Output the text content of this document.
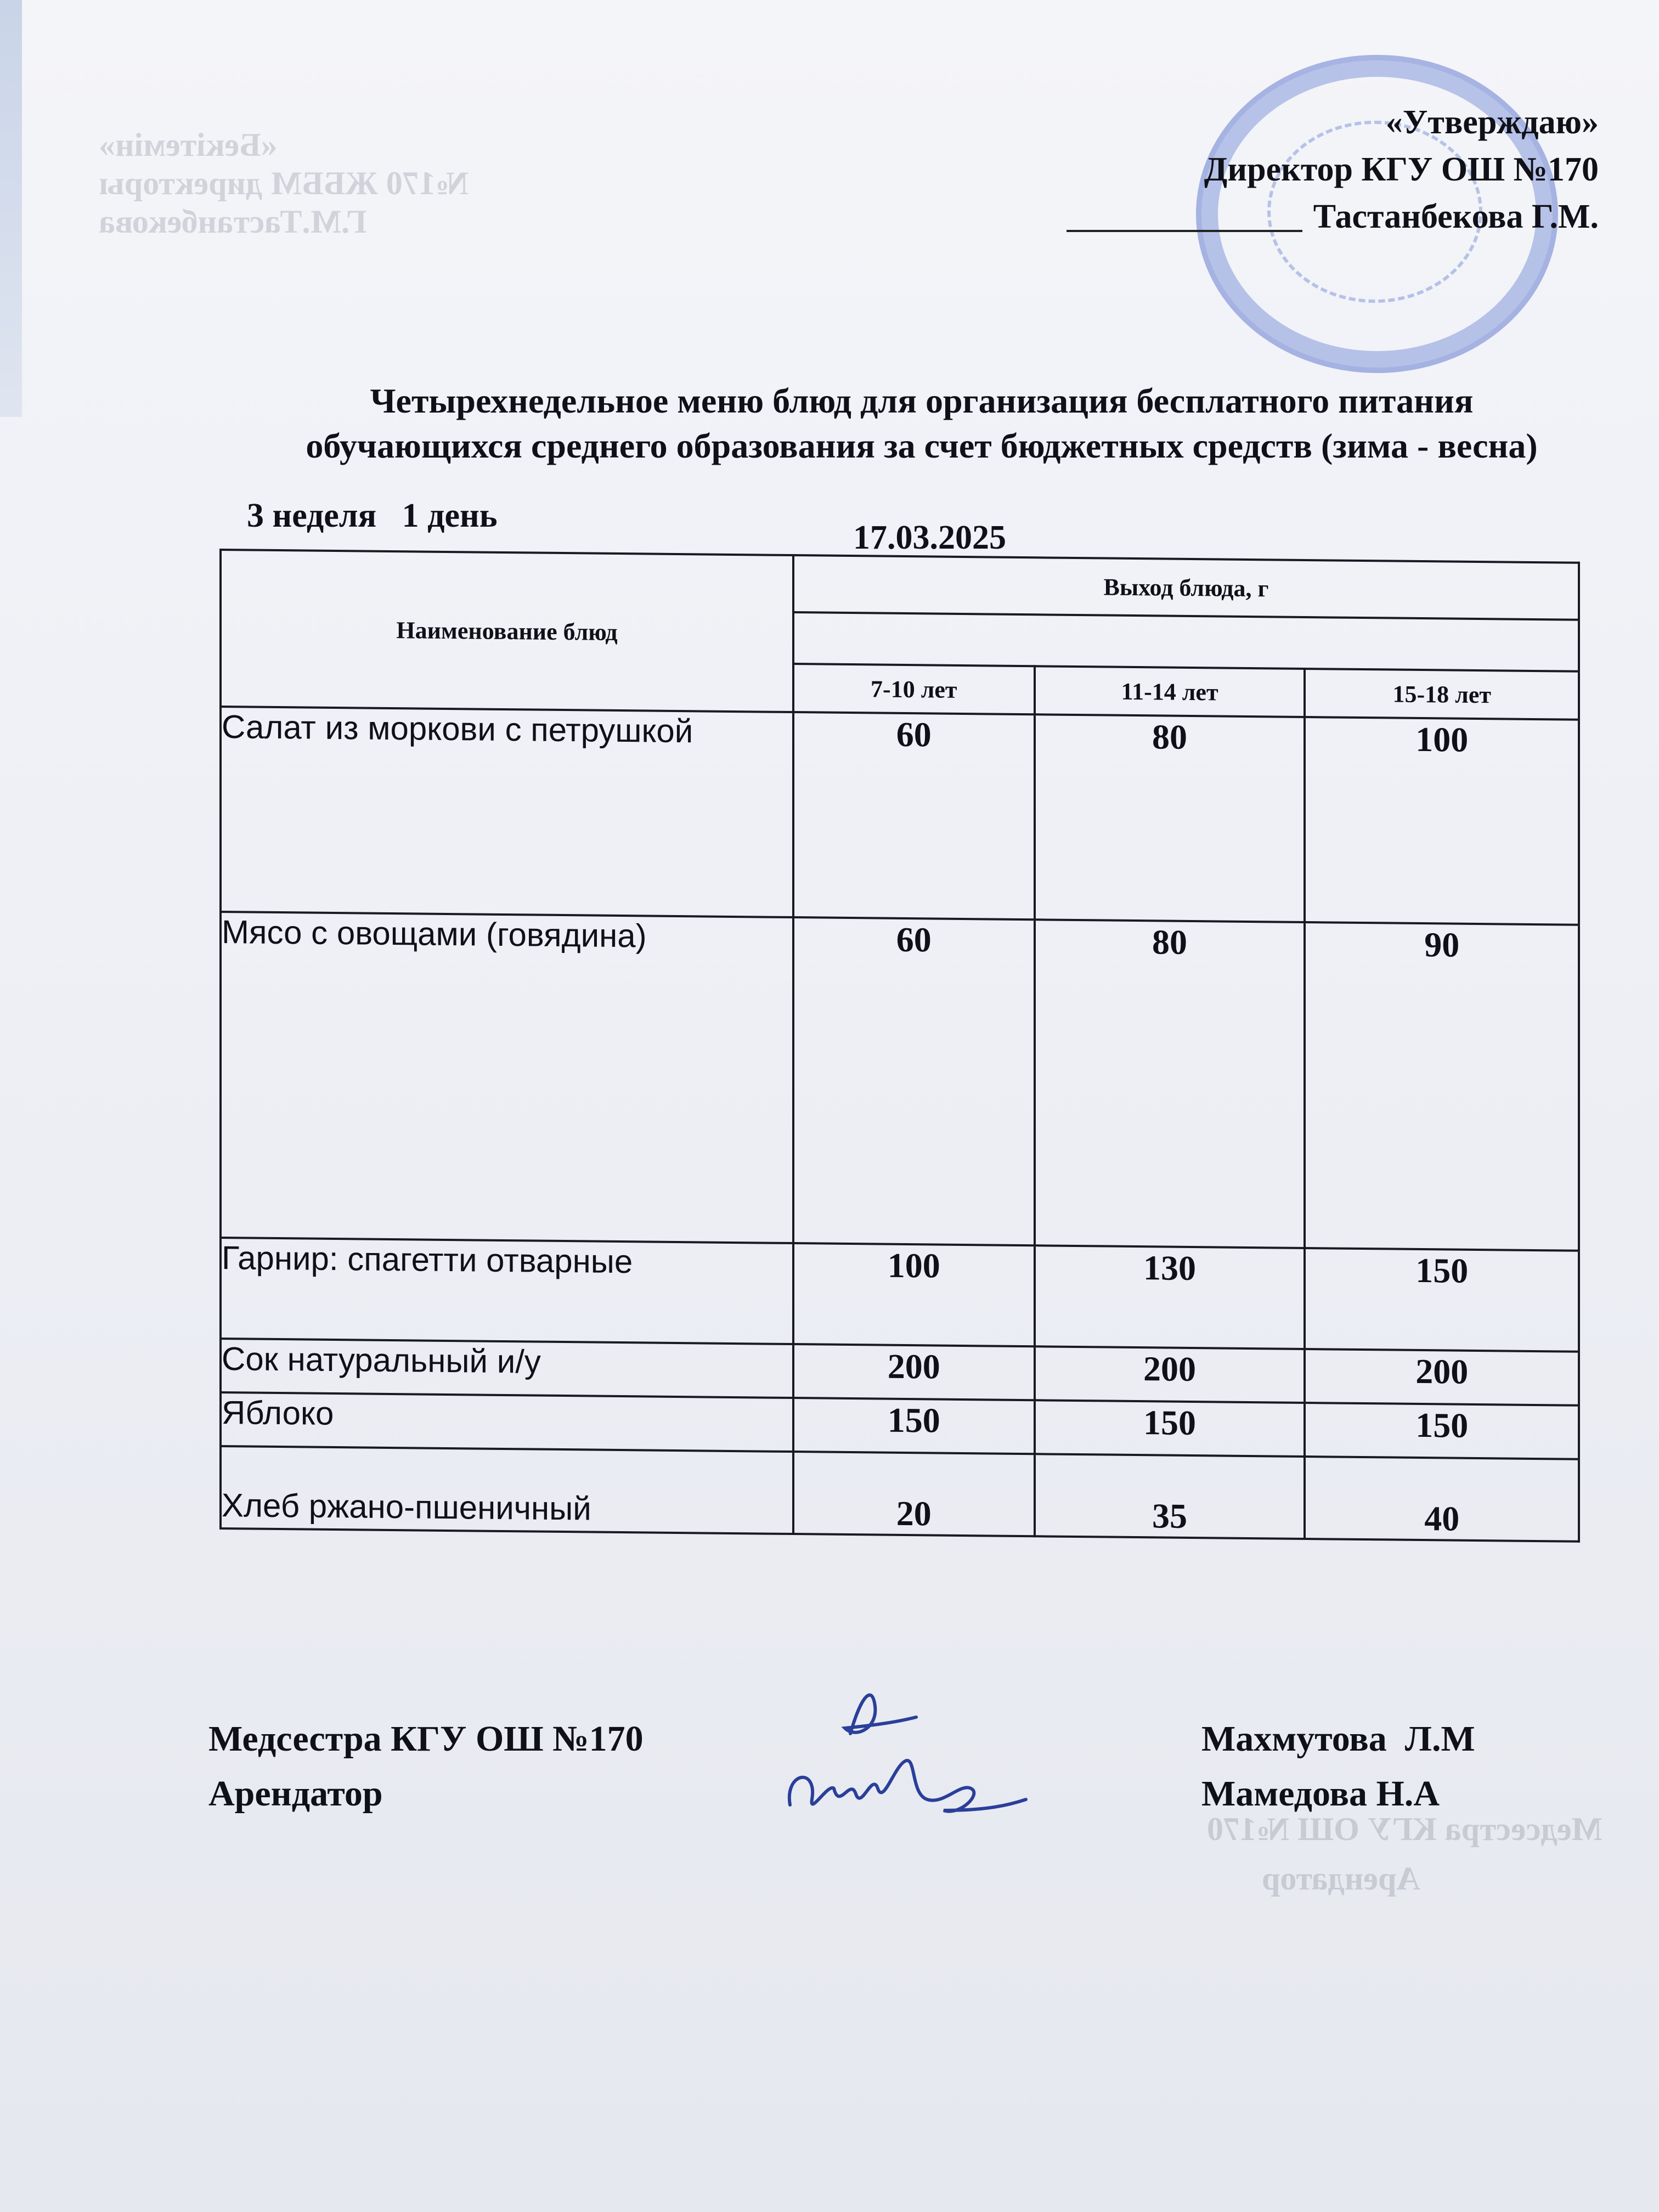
«Бекітемін»
№170 ЖББМ директоры
Г.М.Тастанбекова
«Утверждаю»
Директор КГУ ОШ №170
Тастанбекова Г.М.
Четырехнедельное меню блюд для организация бесплатного питания
обучающихся среднего образования за счет бюджетных средств (зима - весна)
3 неделя   1 день
17.03.2025
Наименование блюд	Выход блюда, г		

	7-10 лет	11-14 лет	15-18 лет
Салат из моркови с петрушкой	60	80	100
Мясо с овощами (говядина)	60	80	90
Гарнир: спагетти отварные	100	130	150
Сок натуральный и/у	200	200	200
Яблоко	150	150	150
Хлеб ржано-пшеничный	20	35	40
Медсестра КГУ ОШ №170
Арендатор
Махмутова  Л.М
Мамедова Н.А
Медсестра КГУ ОШ №170
Арендатор
